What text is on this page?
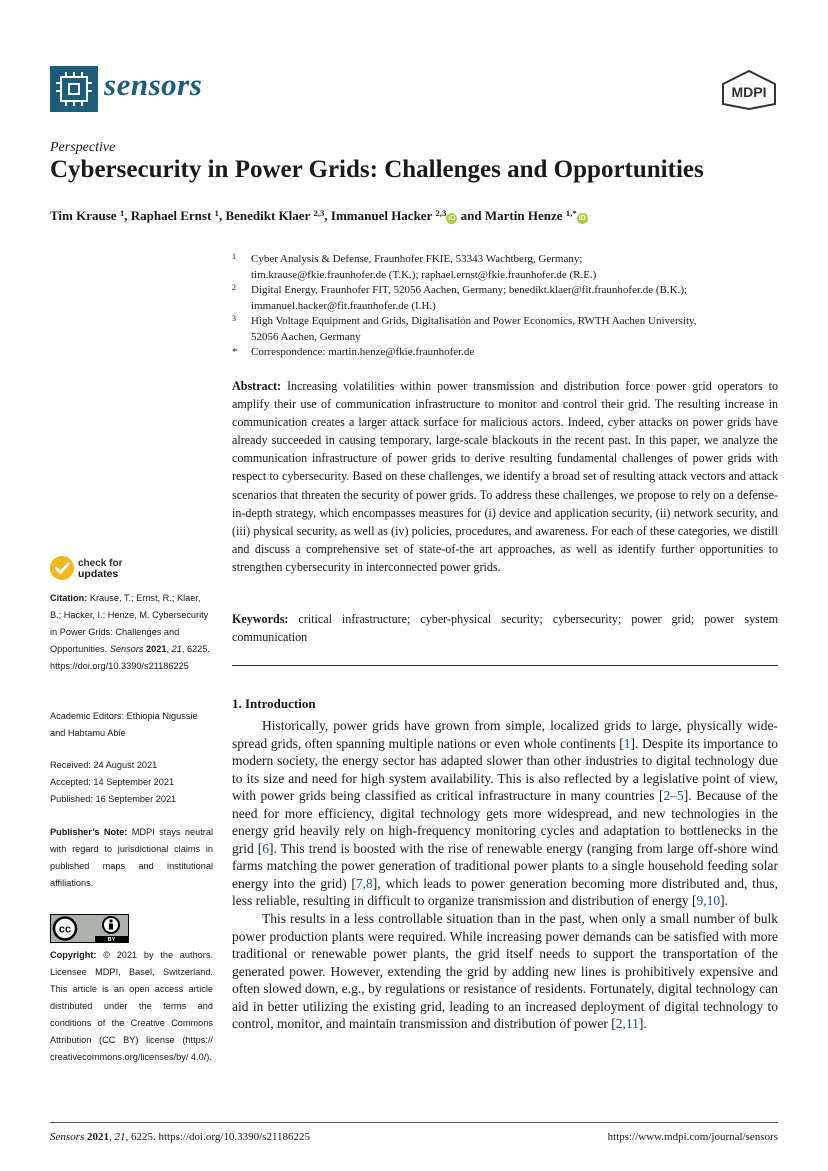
sensors	MDPI
Perspective
Cybersecurity in Power Grids: Challenges and Opportunities
Tim Krause $^1$, Raphael Ernst $^1$, Benedikt Klaer $^{2,3}$, Immanuel Hacker $^{2,3}$iD and Martin Henze $^{1,*}$iD
1 Cyber Analysis & Defense, Fraunhofer FKIE, 53343 Wachtberg, Germany;
tim.krause@fkie.fraunhofer.de (T.K.); raphael.ernst@fkie.fraunhofer.de (R.E.)
2 Digital Energy, Fraunhofer FIT, 52056 Aachen, Germany; benedikt.klaer@fit.fraunhofer.de (B.K.);
immanuel.hacker@fit.fraunhofer.de (I.H.)
3 High Voltage Equipment and Grids, Digitalisation and Power Economics, RWTH Aachen University,
52056 Aachen, Germany
* Correspondence: martin.henze@fkie.fraunhofer.de
Abstract: Increasing volatilities within power transmission and distribution force power grid operators to amplify their use of communication infrastructure to monitor and control their grid. The resulting increase in communication creates a larger attack surface for malicious actors. Indeed, cyber attacks on power grids have already succeeded in causing temporary, large-scale blackouts in the recent past. In this paper, we analyze the communication infrastructure of power grids to derive resulting fundamental challenges of power grids with respect to cybersecurity. Based on these challenges, we identify a broad set of resulting attack vectors and attack scenarios that threaten the security of power grids. To address these challenges, we propose to rely on a defense-in-depth strategy, which encompasses measures for (i) device and application security, (ii) network security, and (iii) physical security, as well as (iv) policies, procedures, and awareness. For each of these categories, we distill and discuss a comprehensive set of state-of-the art approaches, as well as identify further opportunities to strengthen cybersecurity in interconnected power grids.
Keywords: critical infrastructure; cyber-physical security; cybersecurity; power grid; power system communication
check for
updates
Citation: Krause, T.; Ernst, R.; Klaer, B.; Hacker, I.; Henze, M. Cybersecurity in Power Grids: Challenges and Opportunities. Sensors 2021, 21, 6225. https://doi.org/10.3390/s21186225
Academic Editors: Ethiopia Nigussie and Habtamu Abie
Received: 24 August 2021
Accepted: 14 September 2021
Published: 16 September 2021
Publisher’s Note: MDPI stays neutral with regard to jurisdictional claims in published maps and institutional affiliations.
cc
BY
Copyright: © 2021 by the authors. Licensee MDPI, Basel, Switzerland. This article is an open access article distributed under the terms and conditions of the Creative Commons Attribution (CC BY) license (https:// creativecommons.org/licenses/by/ 4.0/).
1. Introduction

Historically, power grids have grown from simple, localized grids to large, physically wide-spread grids, often spanning multiple nations or even whole continents [1]. Despite its importance to modern society, the energy sector has adapted slower than other industries to digital technology due to its size and need for high system availability. This is also reflected by a legislative point of view, with power grids being classified as critical infrastructure in many countries [2–5]. Because of the need for more efficiency, digital technology gets more widespread, and new technologies in the energy grid heavily rely on high-frequency monitoring cycles and adaptation to bottlenecks in the grid [6]. This trend is boosted with the rise of renewable energy (ranging from large off-shore wind farms matching the power generation of traditional power plants to a single household feeding solar energy into the grid) [7,8], which leads to power generation becoming more distributed and, thus, less reliable, resulting in difficult to organize transmission and distribution of energy [9,10].

This results in a less controllable situation than in the past, when only a small number of bulk power production plants were required. While increasing power demands can be satisfied with more traditional or renewable power plants, the grid itself needs to support the transportation of the generated power. However, extending the grid by adding new lines is prohibitively expensive and often slowed down, e.g., by regulations or resistance of residents. Fortunately, digital technology can aid in better utilizing the existing grid, leading to an increased deployment of digital technology to control, monitor, and maintain transmission and distribution of power [2,11].

Sensors 2021, 21, 6225. https://doi.org/10.3390/s21186225	https://www.mdpi.com/journal/sensors
